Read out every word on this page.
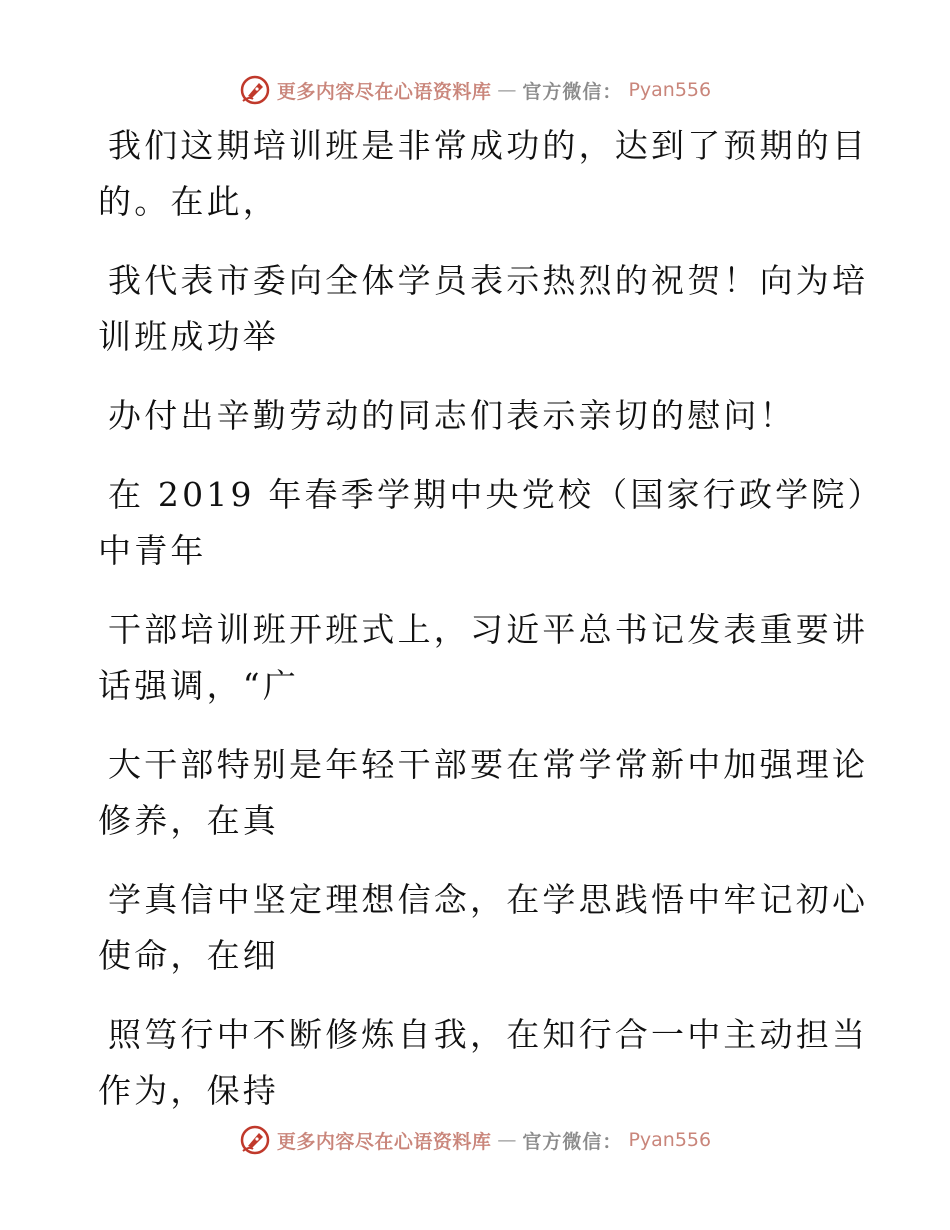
更多内容尽在心语资料库 — 官方微信： Pyan556
我们这期培训班是非常成功的，达到了预期的目
的。在此，
我代表市委向全体学员表示热烈的祝贺！向为培
训班成功举
办付出辛勤劳动的同志们表示亲切的慰问！
在 2019 年春季学期中央党校（国家行政学院）
中青年
干部培训班开班式上，习近平总书记发表重要讲
话强调，“广
大干部特别是年轻干部要在常学常新中加强理论
修养，在真
学真信中坚定理想信念，在学思践悟中牢记初心
使命，在细
照笃行中不断修炼自我，在知行合一中主动担当
作为，保持
更多内容尽在心语资料库 — 官方微信： Pyan556
